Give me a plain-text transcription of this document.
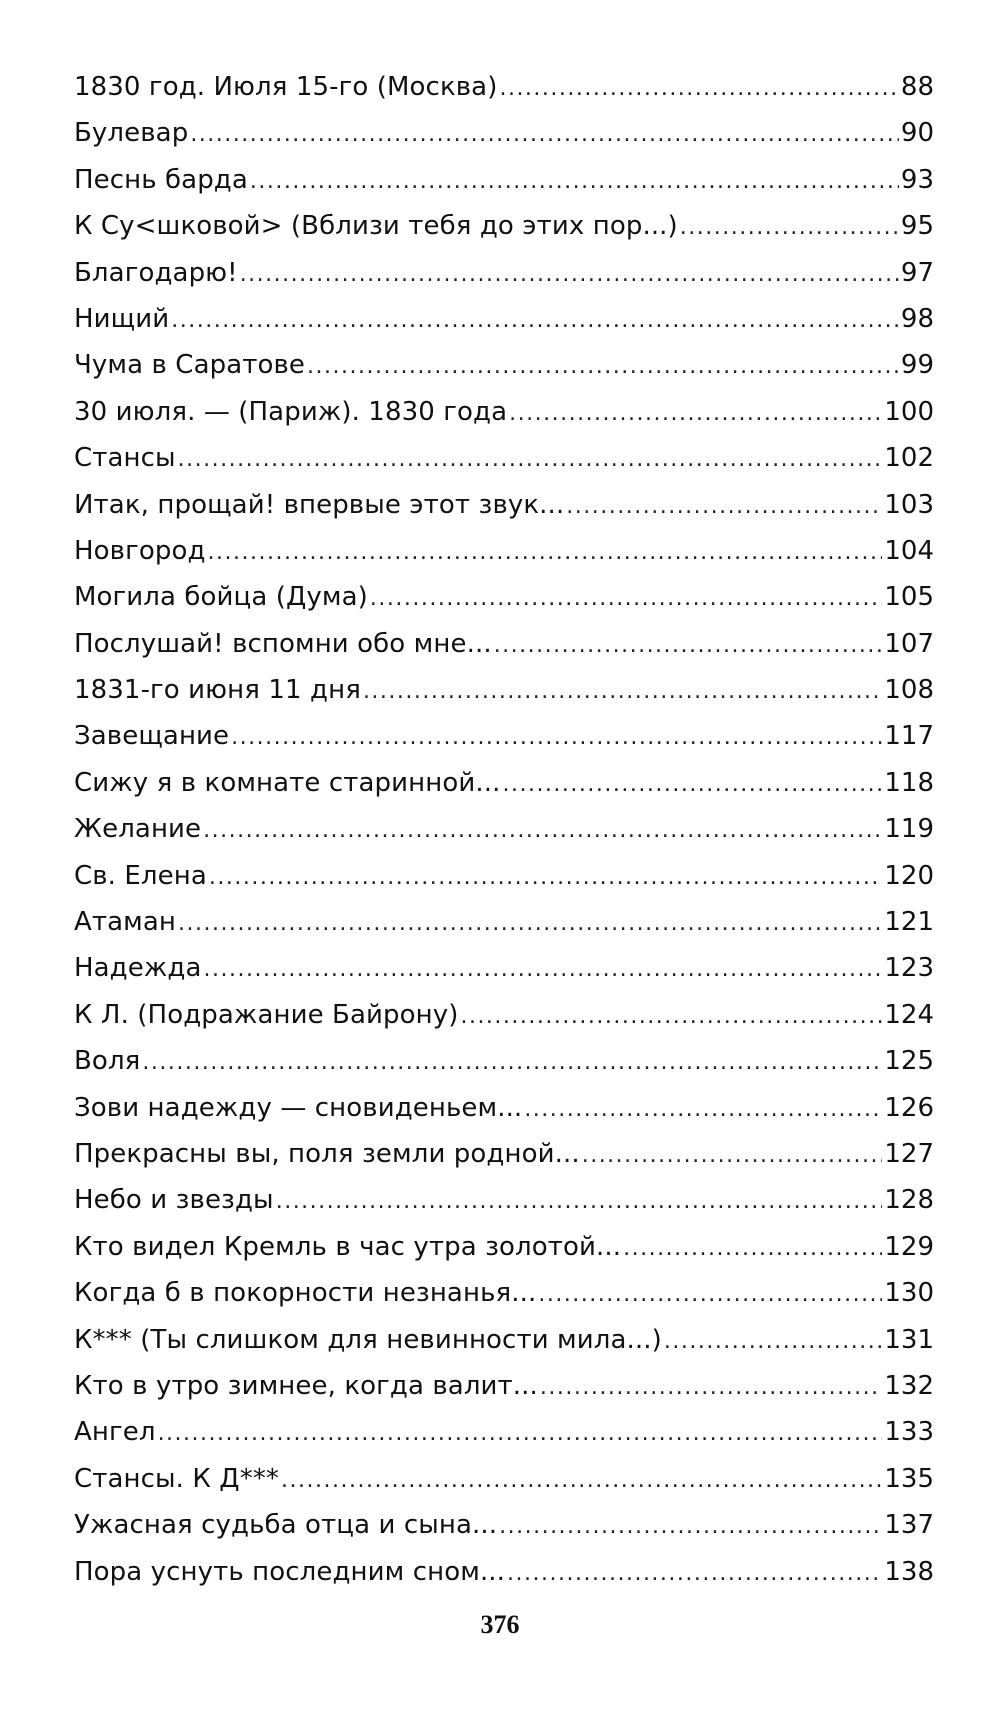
1830 год. Июля 15-го (Москва) .....	88
Булевар .....	90
Песнь барда .....	93
К Су<шковой> (Вблизи тебя до этих пор...) .....	95
Благодарю! .....	97
Нищий .....	98
Чума в Саратове .....	99
30 июля. — (Париж). 1830 года .....	100
Стансы .....	102
Итак, прощай! впервые этот звук... .....	103
Новгород .....	104
Могила бойца (Дума) .....	105
Послушай! вспомни обо мне... .....	107
1831-го июня 11 дня .....	108
Завещание .....	117
Сижу я в комнате старинной... .....	118
Желание .....	119
Св. Елена .....	120
Атаман .....	121
Надежда .....	123
К Л. (Подражание Байрону) .....	124
Воля .....	125
Зови надежду — сновиденьем... .....	126
Прекрасны вы, поля земли родной... .....	127
Небо и звезды .....	128
Кто видел Кремль в час утра золотой... .....	129
Когда б в покорности незнанья... .....	130
К*** (Ты слишком для невинности мила...) .....	131
Кто в утро зимнее, когда валит... .....	132
Ангел .....	133
Стансы. К Д*** .....	135
Ужасная судьба отца и сына... .....	137
Пора уснуть последним сном... .....	138
376
